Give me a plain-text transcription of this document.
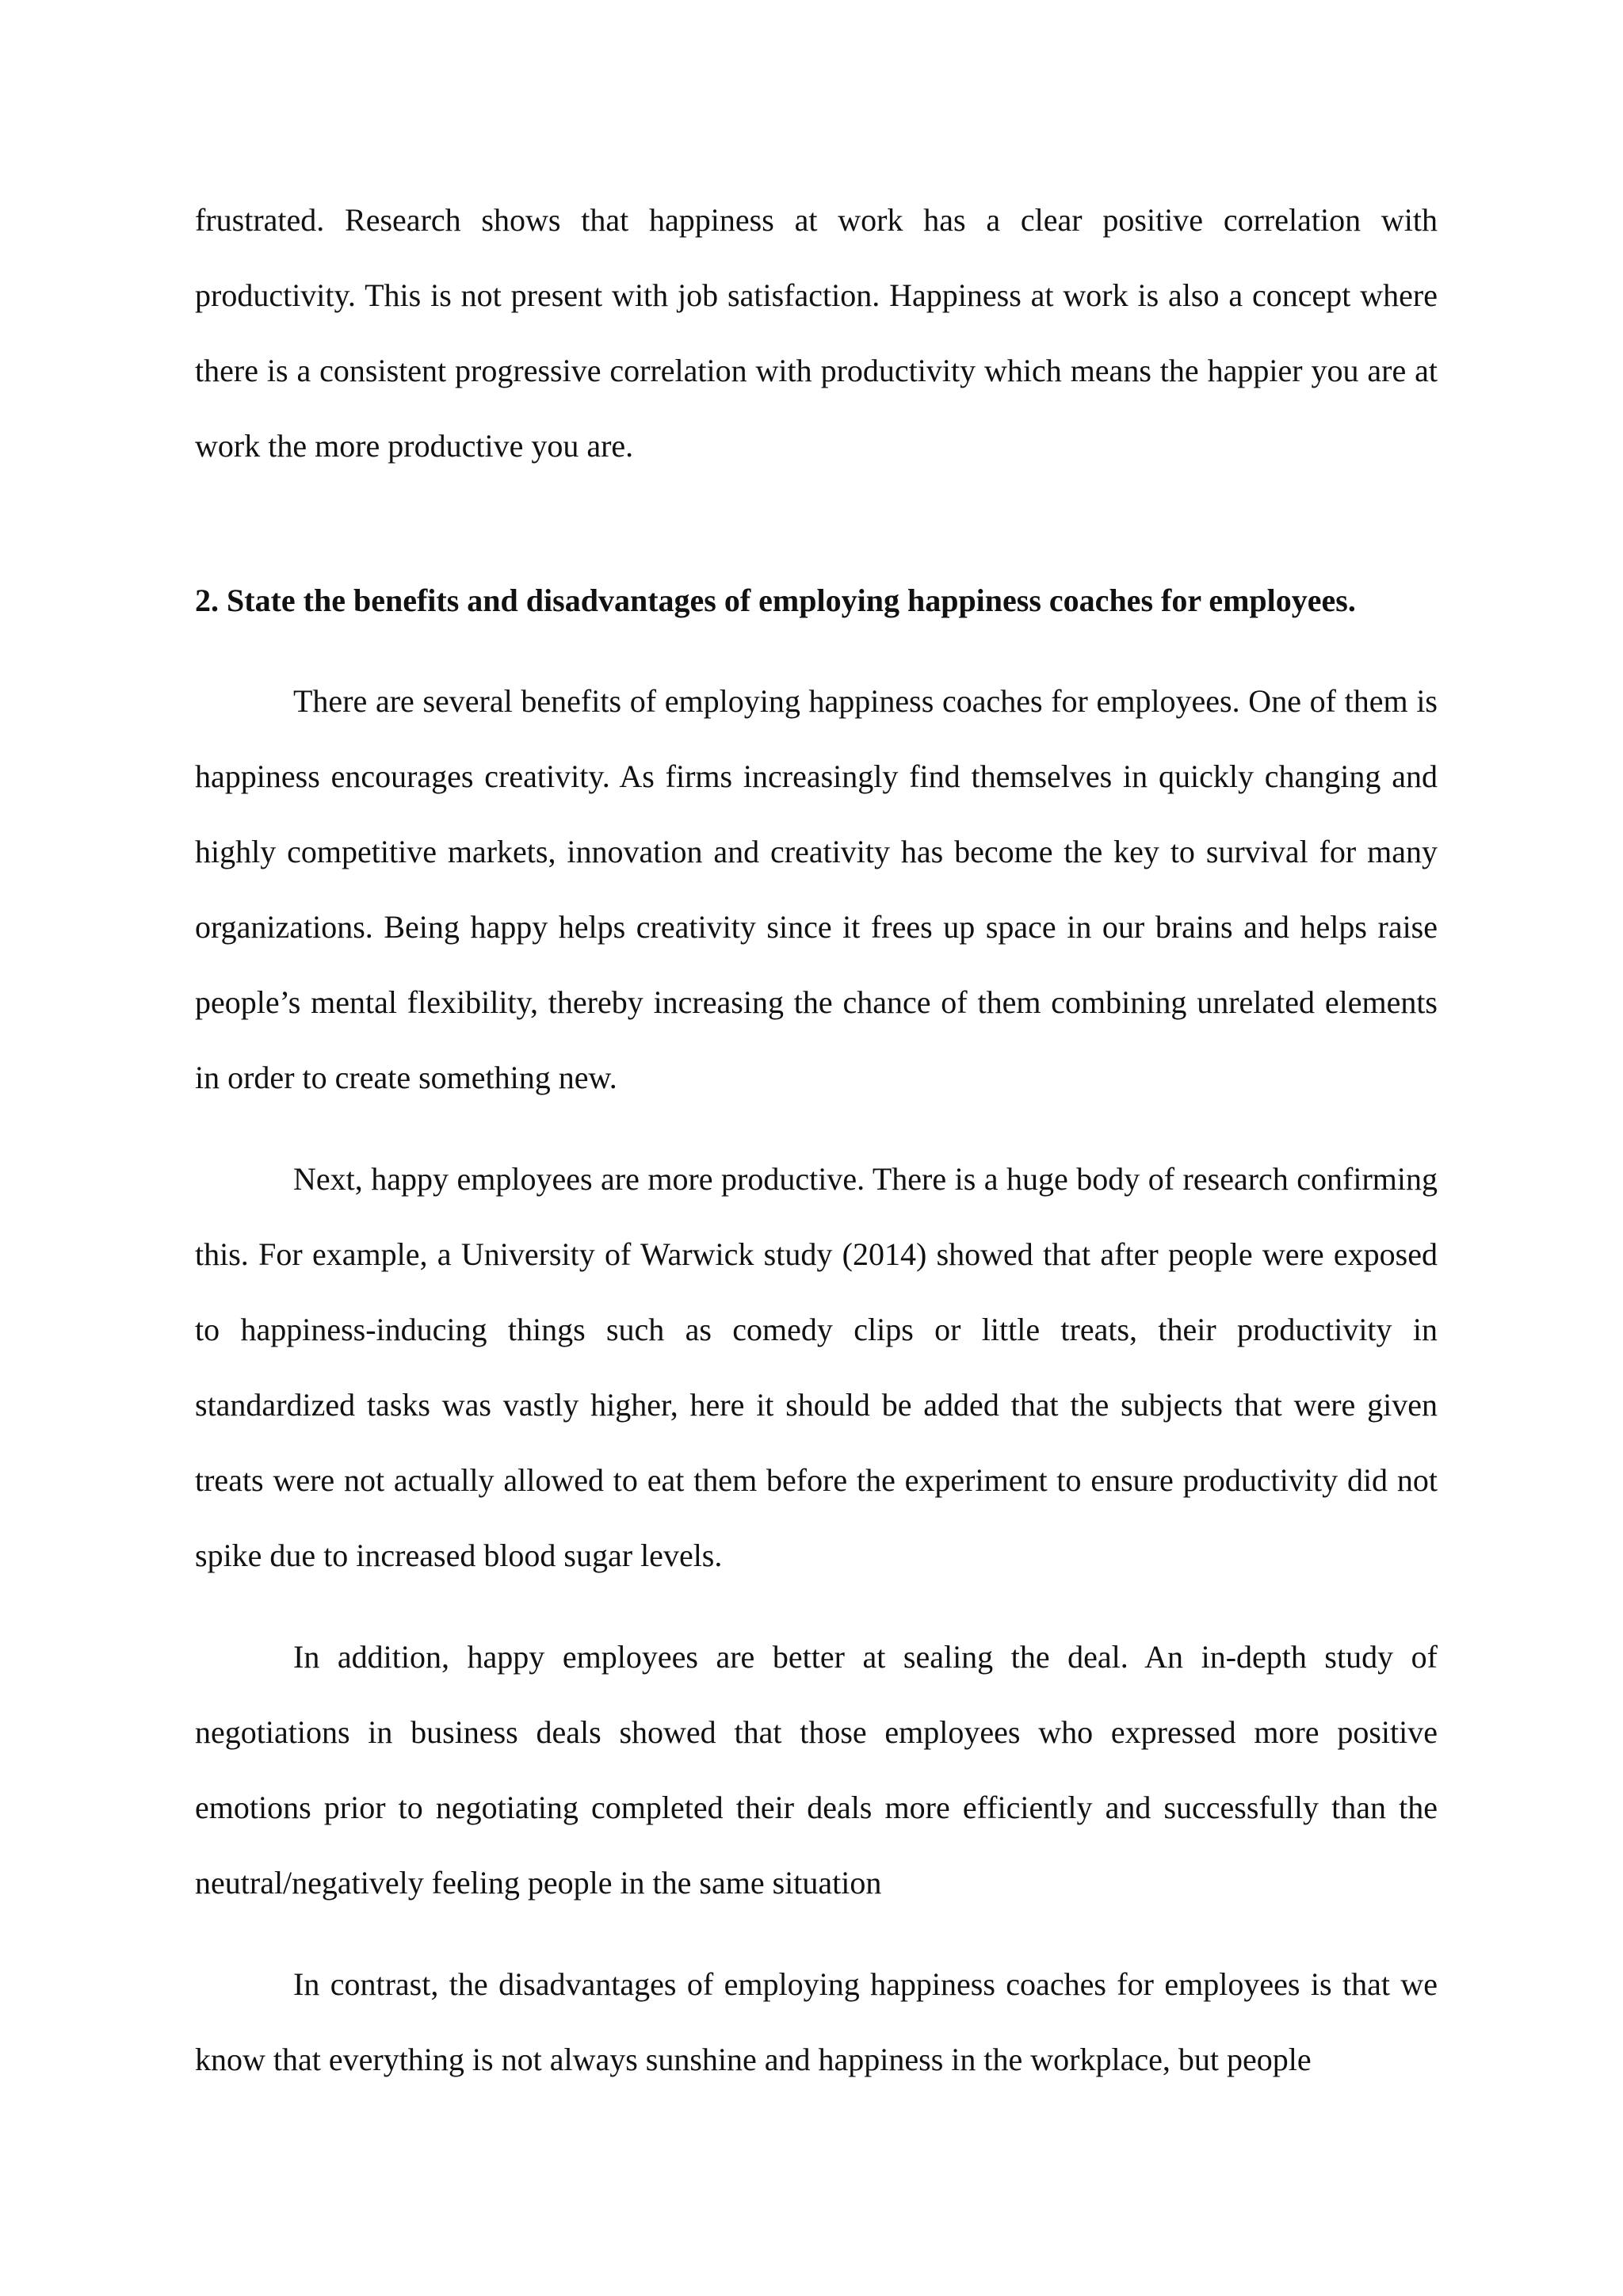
frustrated. Research shows that happiness at work has a clear positive correlation with productivity. This is not present with job satisfaction. Happiness at work is also a concept where there is a consistent progressive correlation with productivity which means the happier you are at work the more productive you are.

2. State the benefits and disadvantages of employing happiness coaches for employees.

There are several benefits of employing happiness coaches for employees. One of them is happiness encourages creativity. As firms increasingly find themselves in quickly changing and highly competitive markets, innovation and creativity has become the key to survival for many organizations. Being happy helps creativity since it frees up space in our brains and helps raise people’s mental flexibility, thereby increasing the chance of them combining unrelated elements in order to create something new.

Next, happy employees are more productive. There is a huge body of research confirming this. For example, a University of Warwick study (2014) showed that after people were exposed to happiness-inducing things such as comedy clips or little treats, their productivity in standardized tasks was vastly higher, here it should be added that the subjects that were given treats were not actually allowed to eat them before the experiment to ensure productivity did not spike due to increased blood sugar levels.

In addition, happy employees are better at sealing the deal. An in-depth study of negotiations in business deals showed that those employees who expressed more positive emotions prior to negotiating completed their deals more efficiently and successfully than the neutral/negatively feeling people in the same situation

In contrast, the disadvantages of employing happiness coaches for employees is that we know that everything is not always sunshine and happiness in the workplace, but people
